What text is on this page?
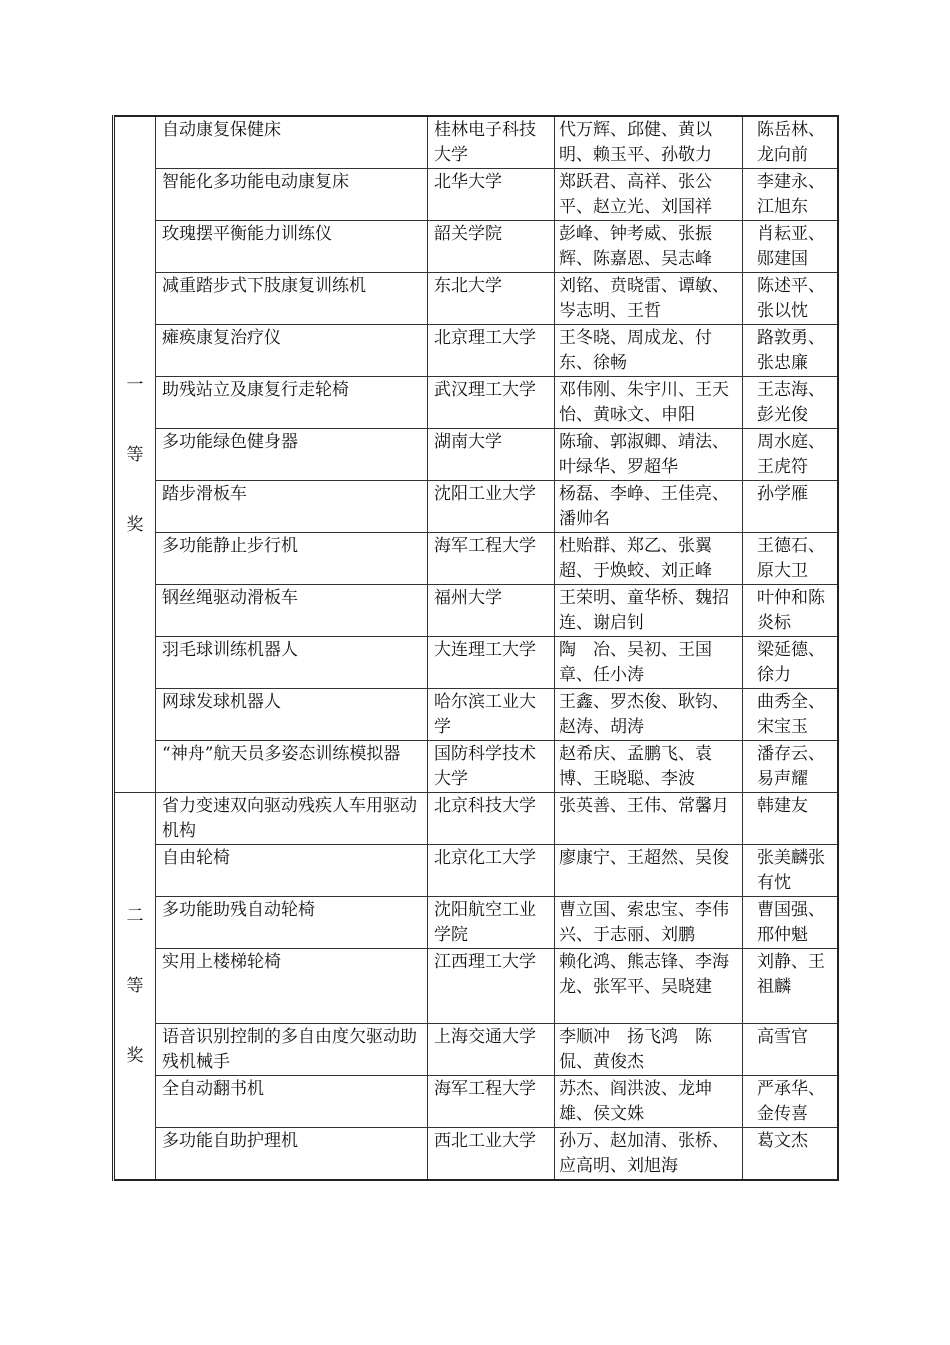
一
等
奖	自动康复保健床	桂林电子科技大学	代万辉、邱健、黄以明、赖玉平、孙敬力	陈岳林、龙向前
	智能化多功能电动康复床	北华大学	郑跃君、高祥、张公平、赵立光、刘国祥	李建永、江旭东
	玫瑰摆平衡能力训练仪	韶关学院	彭峰、钟考威、张振辉、陈嘉恩、吴志峰	肖耘亚、郧建国
	减重踏步式下肢康复训练机	东北大学	刘铭、贲晓雷、谭敏、岑志明、王哲	陈述平、张以忱
	瘫痪康复治疗仪	北京理工大学	王冬晓、周成龙、付东、徐畅	路敦勇、张忠廉
	助残站立及康复行走轮椅	武汉理工大学	邓伟刚、朱宇川、王天怡、黄咏文、申阳	王志海、彭光俊
	多功能绿色健身器	湖南大学	陈瑜、郭淑卿、靖法、叶绿华、罗超华	周水庭、王虎符
	踏步滑板车	沈阳工业大学	杨磊、李峥、王佳亮、潘帅名	孙学雁
	多功能静止步行机	海军工程大学	杜贻群、郑乙、张翼超、于焕蛟、刘正峰	王德石、原大卫
	钢丝绳驱动滑板车	福州大学	王荣明、童华桥、魏招连、谢启钊	叶仲和陈炎标
	羽毛球训练机器人	大连理工大学	陶　冶、吴初、王国章、任小涛	梁延德、徐力
	网球发球机器人	哈尔滨工业大学	王鑫、罗杰俊、耿钧、赵涛、胡涛	曲秀全、宋宝玉
	“神舟”航天员多姿态训练模拟器	国防科学技术大学	赵希庆、孟鹏飞、袁博、王晓聪、李波	潘存云、易声耀

二
等
奖	省力变速双向驱动残疾人车用驱动机构	北京科技大学	张英善、王伟、常馨月	韩建友
	自由轮椅	北京化工大学	廖康宁、王超然、吴俊	张美麟张有忱
	多功能助残自动轮椅	沈阳航空工业学院	曹立国、索忠宝、李伟兴、于志丽、刘鹏	曹国强、邢仲魁
	实用上楼梯轮椅	江西理工大学	赖化鸿、熊志锋、李海龙、张军平、吴晓建	刘静、王祖麟
	语音识别控制的多自由度欠驱动助残机械手	上海交通大学	李顺冲　扬飞鸿　陈侃、黄俊杰	高雪官
	全自动翻书机	海军工程大学	苏杰、阎洪波、龙坤雄、侯文姝	严承华、金传喜
	多功能自助护理机	西北工业大学	孙万、赵加清、张桥、应高明、刘旭海	葛文杰
